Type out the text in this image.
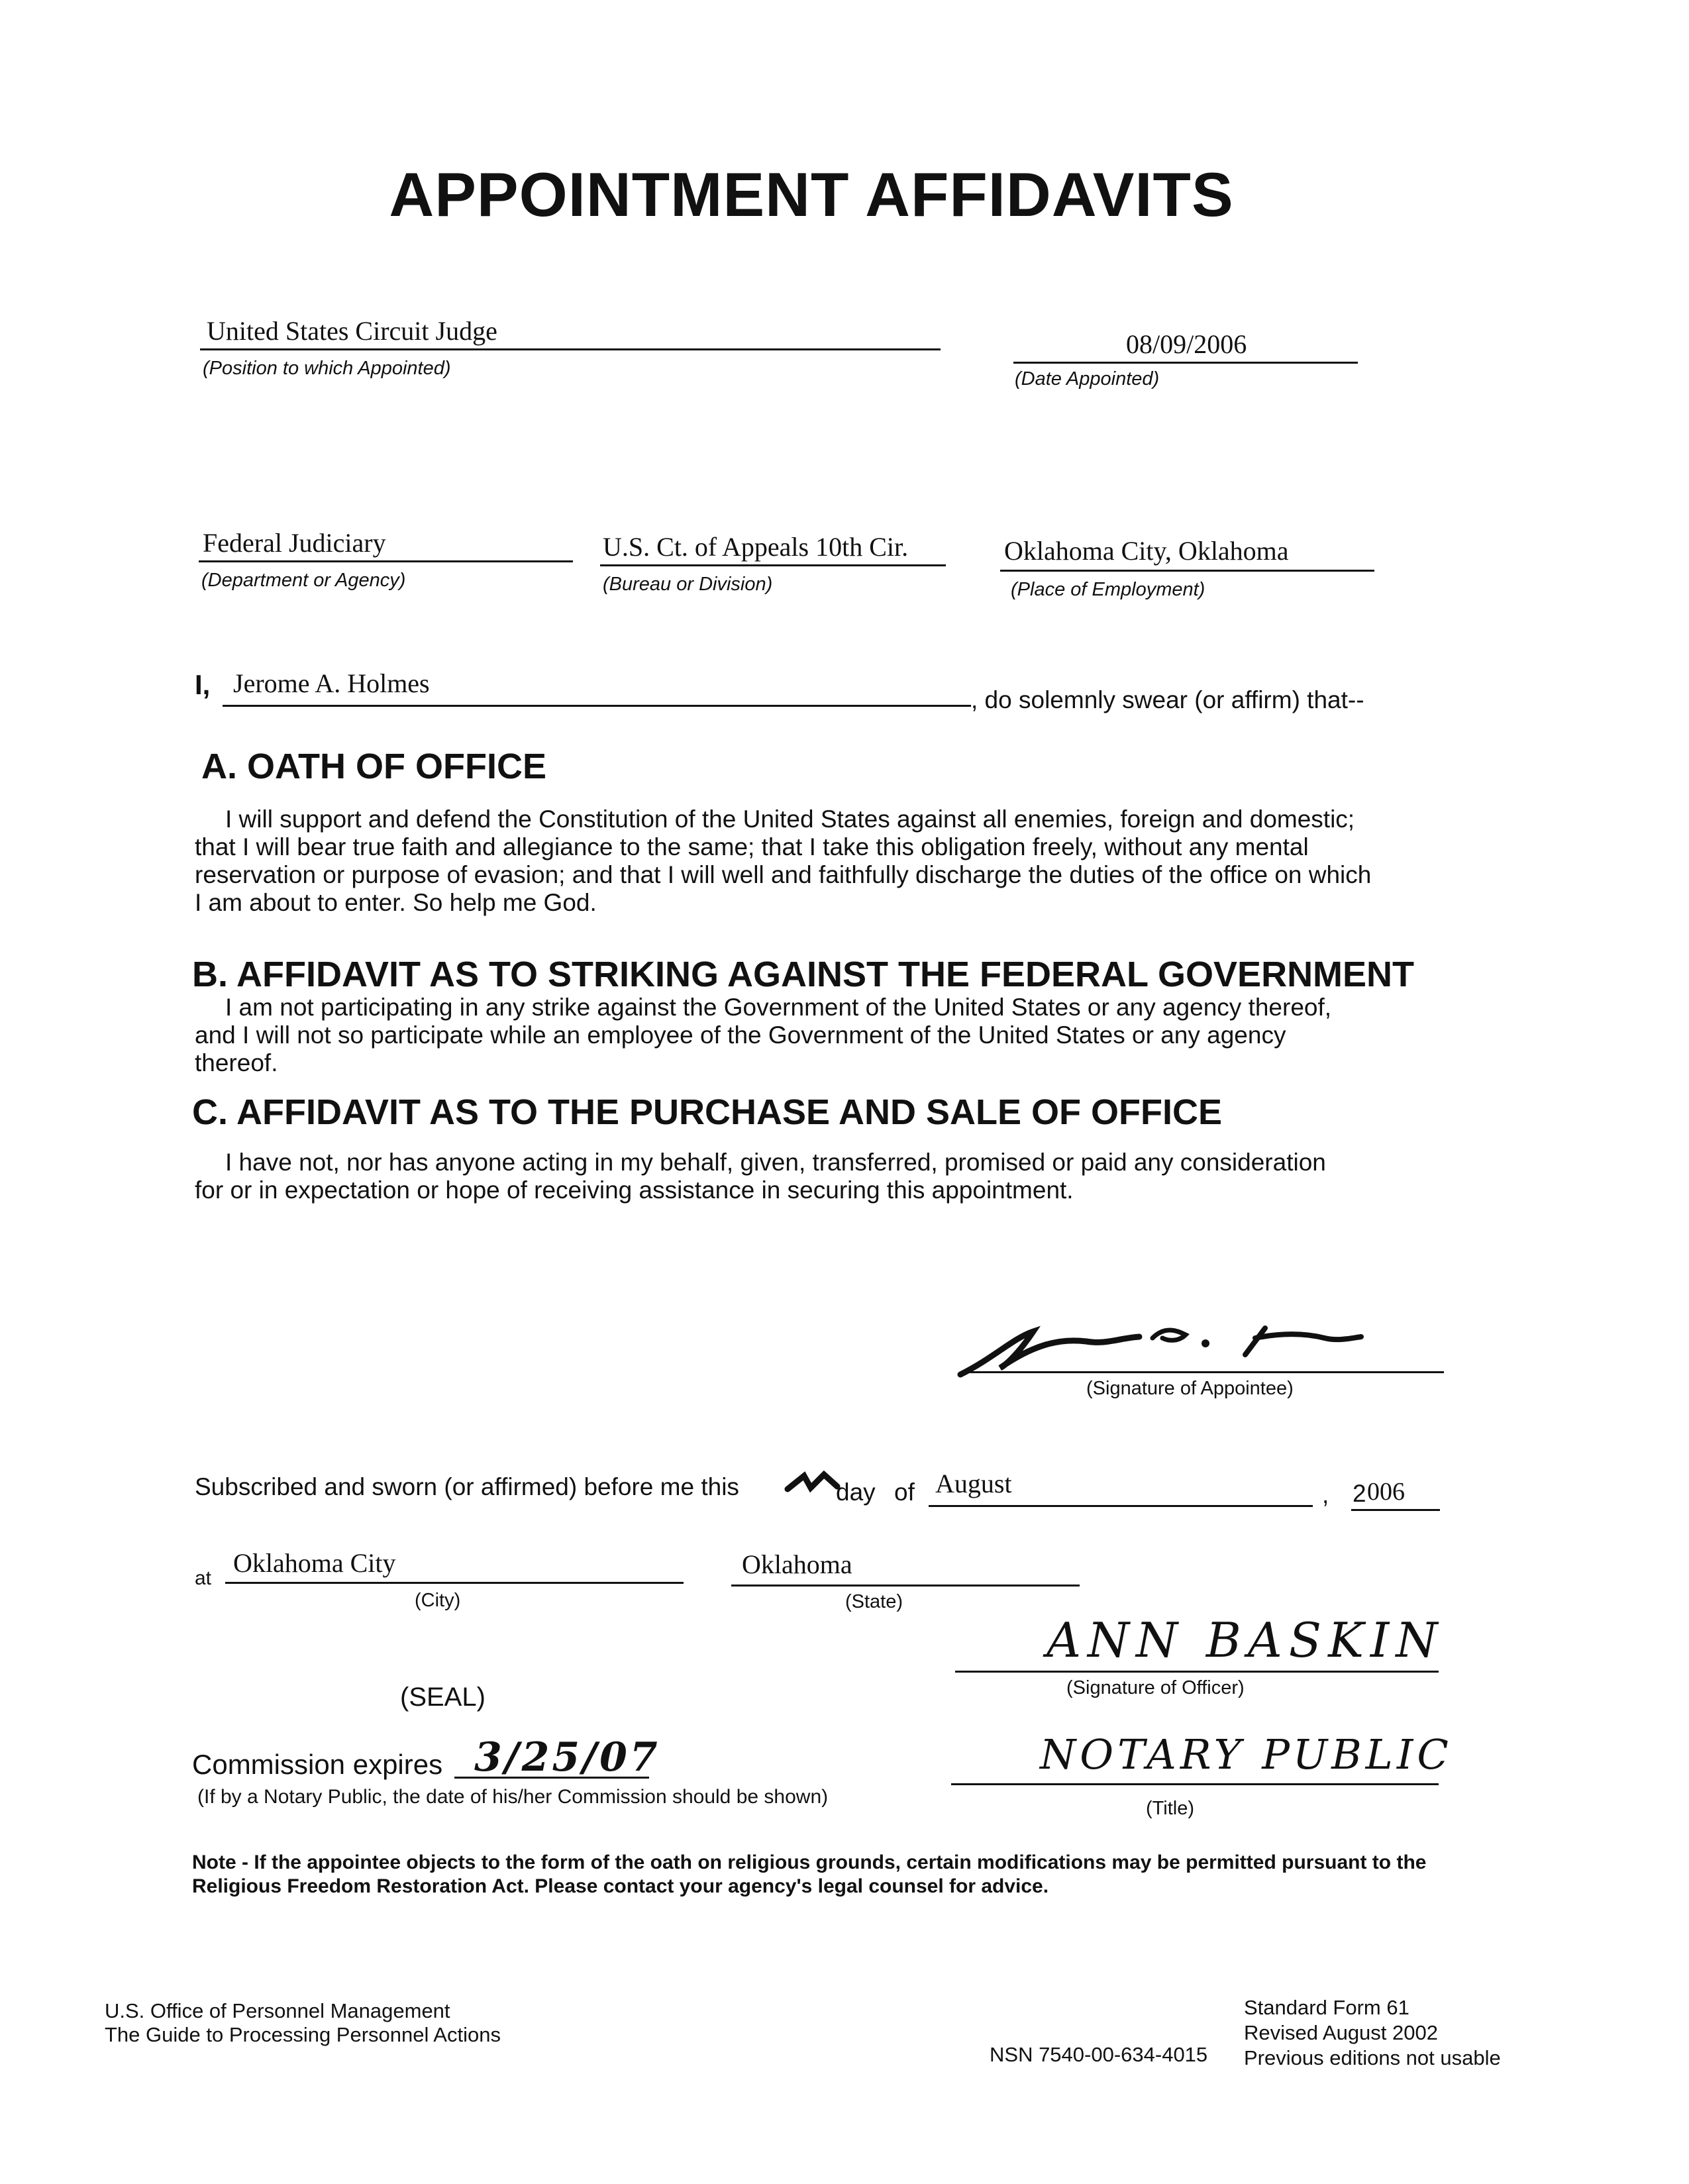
APPOINTMENT AFFIDAVITS
United States Circuit Judge
(Position to which Appointed)
08/09/2006
(Date Appointed)
Federal Judiciary
(Department or Agency)
U.S. Ct. of Appeals 10th Cir.
(Bureau or Division)
Oklahoma City, Oklahoma
(Place of Employment)
I, Jerome A. Holmes
, do solemnly swear (or affirm) that--
A. OATH OF OFFICE
I will support and defend the Constitution of the United States against all enemies, foreign and domestic;
that I will bear true faith and allegiance to the same; that I take this obligation freely, without any mental
reservation or purpose of evasion; and that I will well and faithfully discharge the duties of the office on which
I am about to enter. So help me God.
B. AFFIDAVIT AS TO STRIKING AGAINST THE FEDERAL GOVERNMENT
I am not participating in any strike against the Government of the United States or any agency thereof,
and I will not so participate while an employee of the Government of the United States or any agency
thereof.
C. AFFIDAVIT AS TO THE PURCHASE AND SALE OF OFFICE
I have not, nor has anyone acting in my behalf, given, transferred, promised or paid any consideration
for or in expectation or hope of receiving assistance in securing this appointment.
(Signature of Appointee)
Subscribed and sworn (or affirmed) before me this	day of August	, 2 006
at
Oklahoma City
(City)
Oklahoma
(State)
ANN BASKIN
(Signature of Officer)
(SEAL)
Commission expires 3/25/07
(If by a Notary Public, the date of his/her Commission should be shown)
NOTARY PUBLIC
(Title)
Note - If the appointee objects to the form of the oath on religious grounds, certain modifications may be permitted pursuant to the
Religious Freedom Restoration Act. Please contact your agency's legal counsel for advice.
U.S. Office of Personnel Management
The Guide to Processing Personnel Actions
NSN 7540-00-634-4015
Standard Form 61
Revised August 2002
Previous editions not usable
